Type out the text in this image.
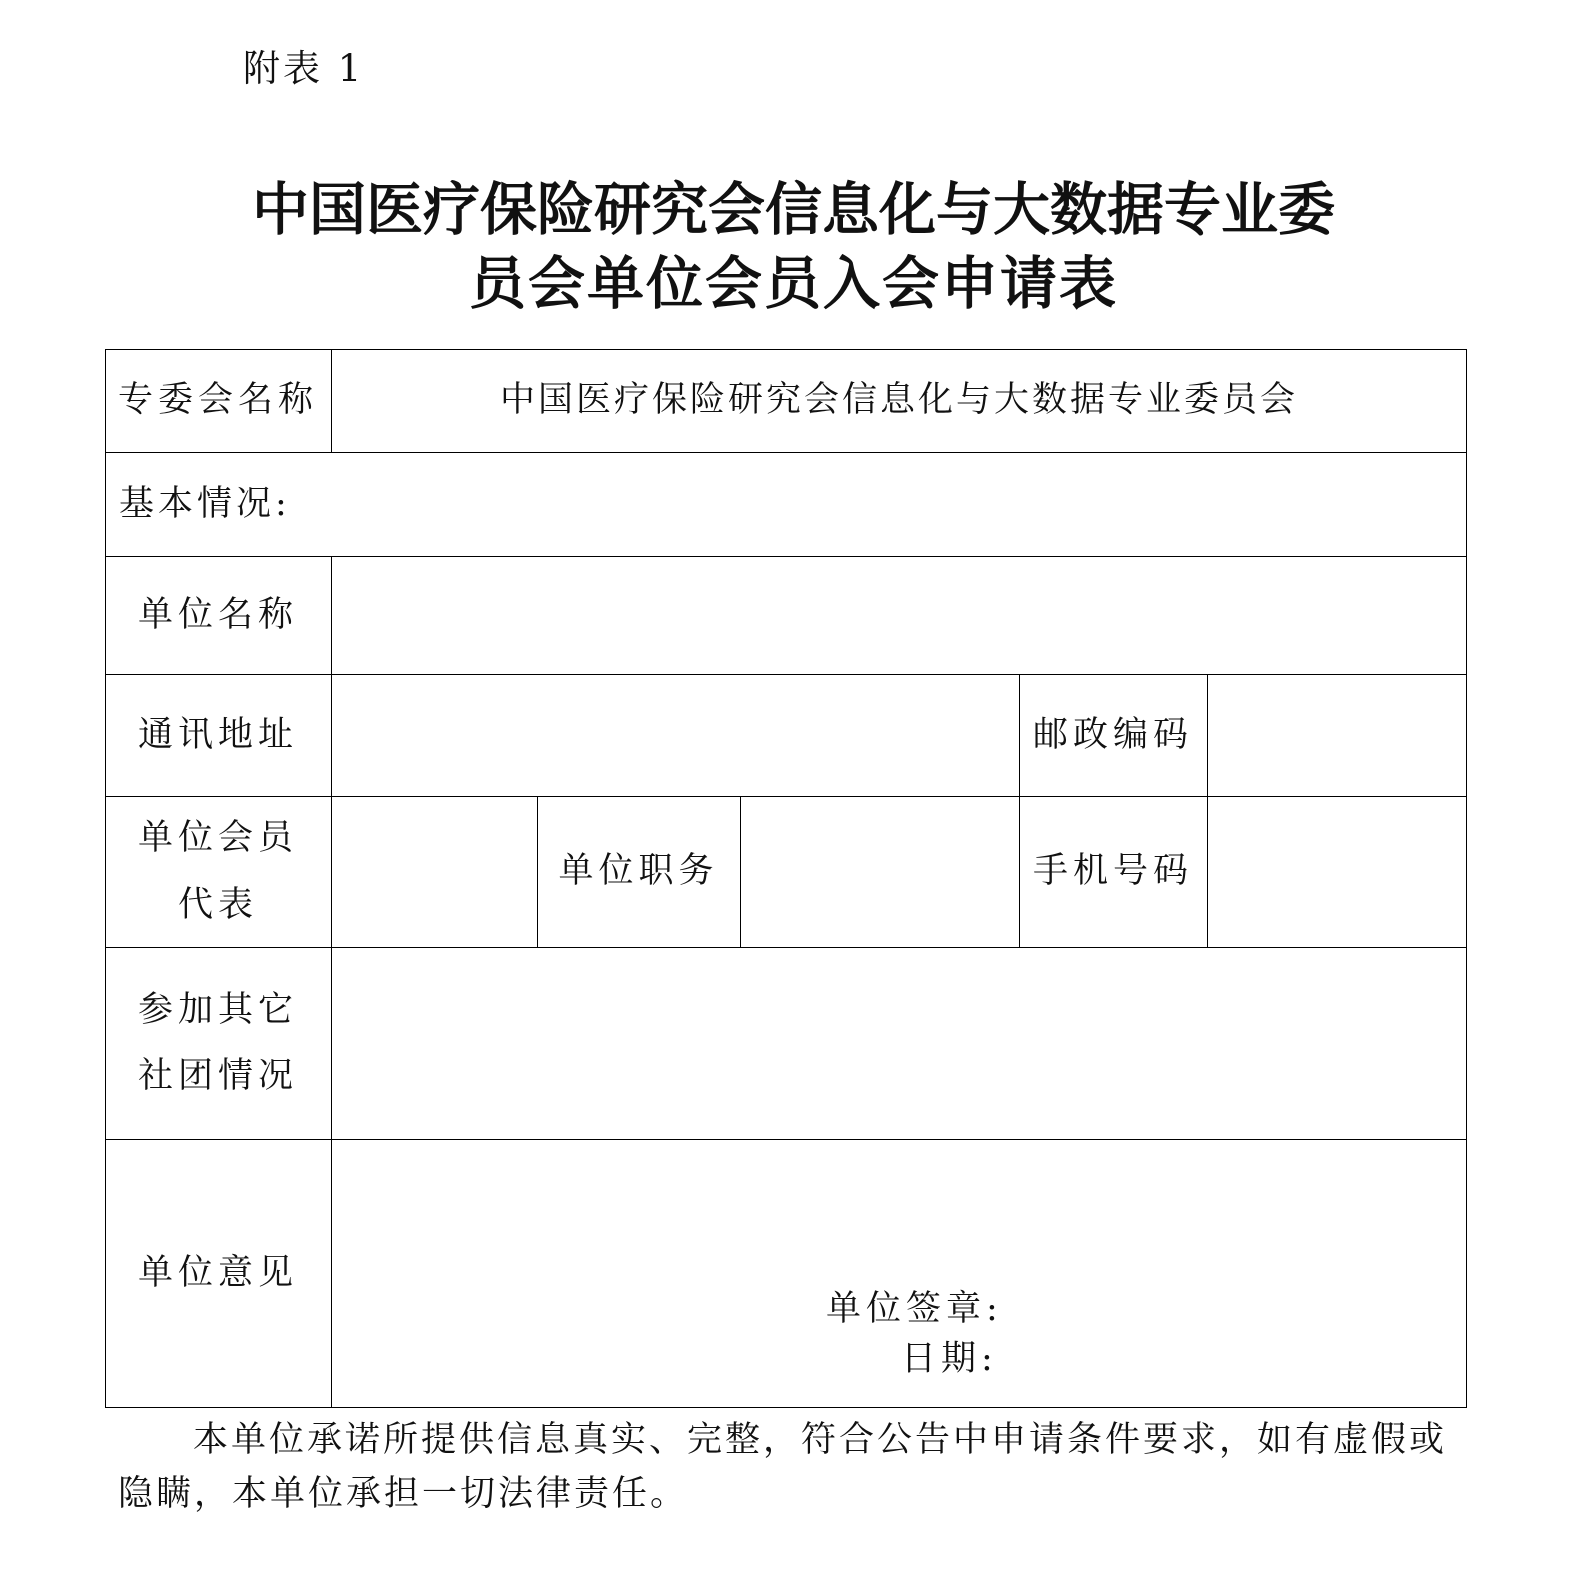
附表 1
中国医疗保险研究会信息化与大数据专业委
员会单位会员入会申请表
专委会名称	中国医疗保险研究会信息化与大数据专业委员会
基本情况:
单位名称
通讯地址	邮政编码
单位会员
代表
单位职务	手机号码
参加其它
社团情况
单位意见
单位签章:
日期:
本单位承诺所提供信息真实、完整，符合公告中申请条件要求，如有虚假或隐瞒，本单位承担一切法律责任。
